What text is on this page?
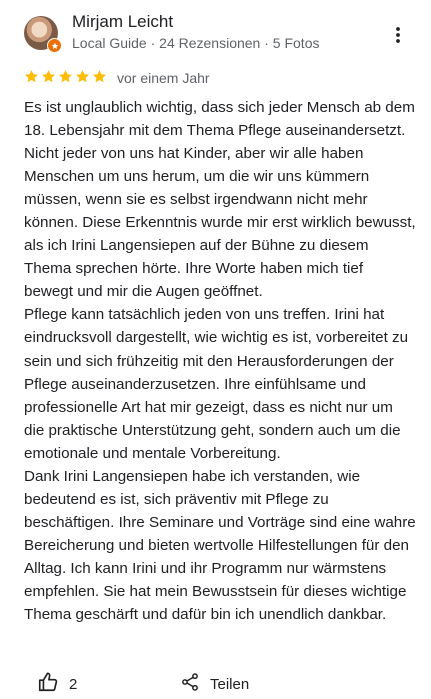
Mirjam Leicht
Local Guide · 24 Rezensionen · 5 Fotos
vor einem Jahr

Es ist unglaublich wichtig, dass sich jeder Mensch ab dem 18. Lebensjahr mit dem Thema Pflege auseinandersetzt. Nicht jeder von uns hat Kinder, aber wir alle haben Menschen um uns herum, um die wir uns kümmern müssen, wenn sie es selbst irgendwann nicht mehr können. Diese Erkenntnis wurde mir erst wirklich bewusst, als ich Irini Langensiepen auf der Bühne zu diesem Thema sprechen hörte. Ihre Worte haben mich tief bewegt und mir die Augen geöffnet.
Pflege kann tatsächlich jeden von uns treffen. Irini hat eindrucksvoll dargestellt, wie wichtig es ist, vorbereitet zu sein und sich frühzeitig mit den Herausforderungen der Pflege auseinanderzusetzen. Ihre einfühlsame und professionelle Art hat mir gezeigt, dass es nicht nur um die praktische Unterstützung geht, sondern auch um die emotionale und mentale Vorbereitung.
Dank Irini Langensiepen habe ich verstanden, wie bedeutend es ist, sich präventiv mit Pflege zu beschäftigen. Ihre Seminare und Vorträge sind eine wahre Bereicherung und bieten wertvolle Hilfestellungen für den Alltag. Ich kann Irini und ihr Programm nur wärmstens empfehlen. Sie hat mein Bewusstsein für dieses wichtige Thema geschärft und dafür bin ich unendlich dankbar.

2	Teilen
